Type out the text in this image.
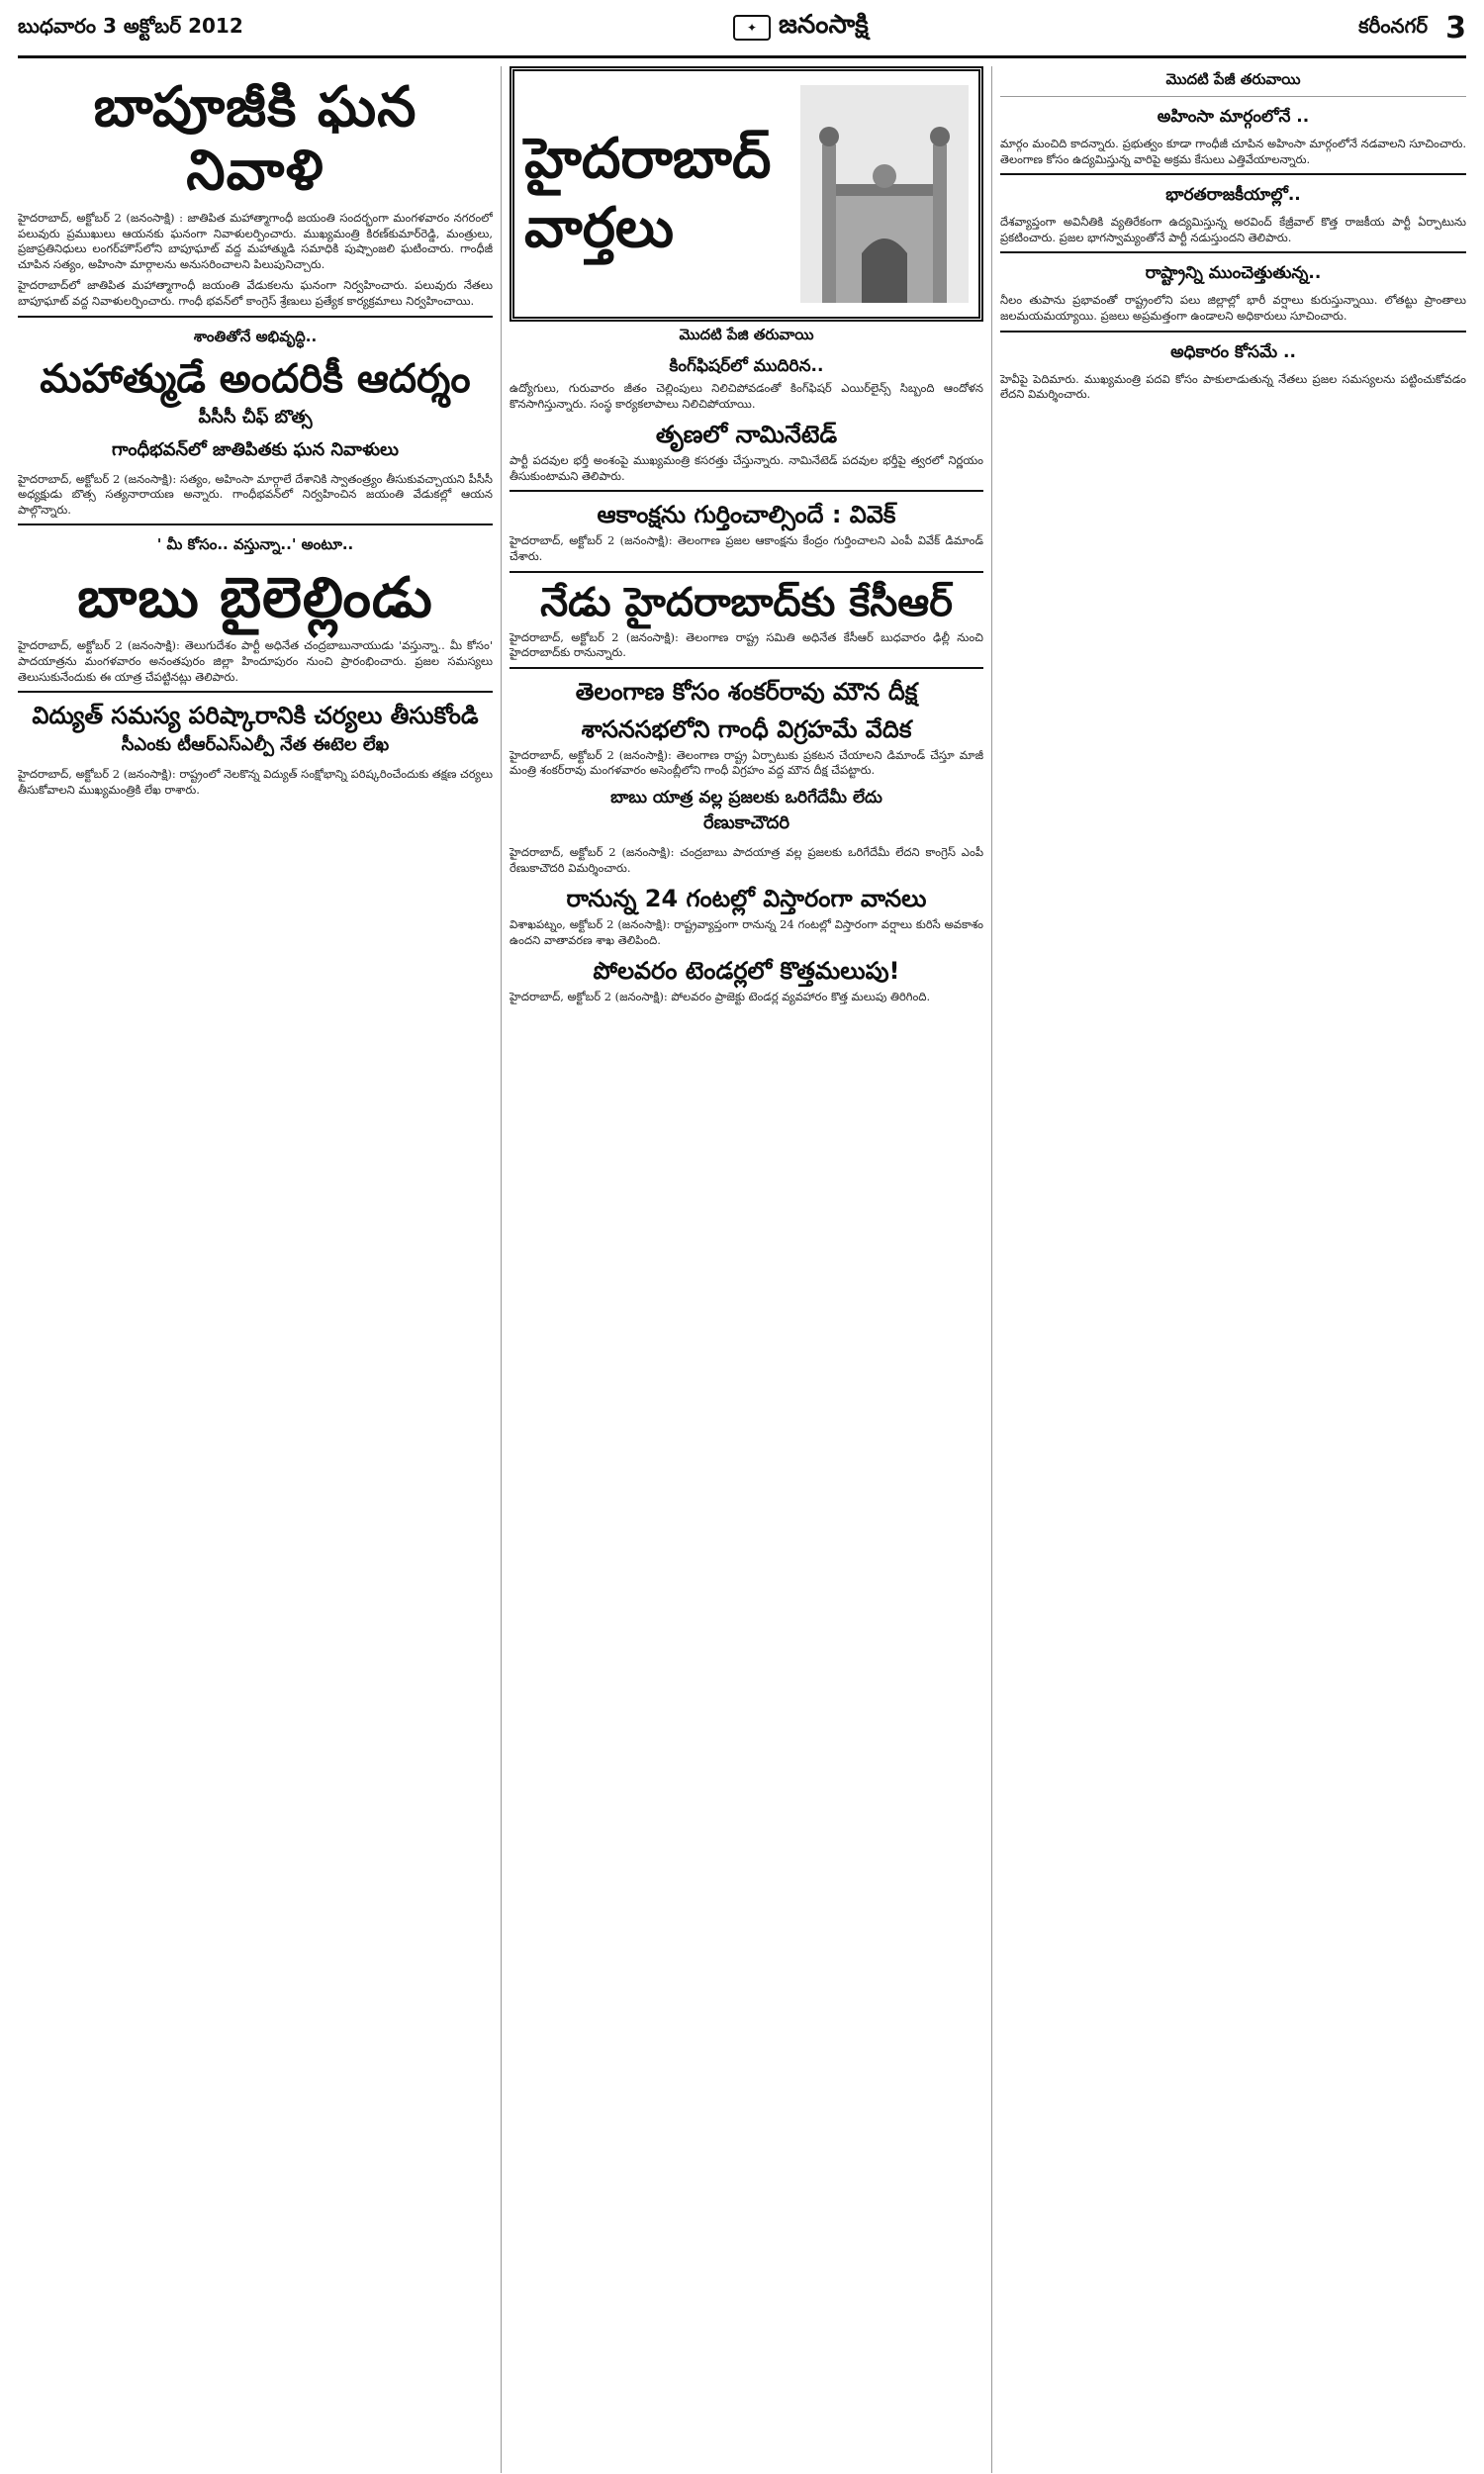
బుధవారం 3 అక్టోబర్ 2012	✦ జనంసాక్షి	కరీంనగర్ 3
బాపూజీకి ఘన నివాళి

హైదరాబాద్, అక్టోబర్ 2 (జనంసాక్షి) : జాతిపిత మహాత్మాగాంధీ జయంతి సందర్భంగా మంగళవారం నగరంలో పలువురు ప్రముఖులు ఆయనకు ఘనంగా నివాళులర్పించారు. ముఖ్యమంత్రి కిరణ్‌కుమార్‌రెడ్డి, మంత్రులు, ప్రజాప్రతినిధులు లంగర్‌హౌస్‌లోని బాపూఘాట్‌ వద్ద మహాత్ముడి సమాధికి పుష్పాంజలి ఘటించారు. గాంధీజీ చూపిన సత్యం, అహింసా మార్గాలను అనుసరించాలని పిలుపునిచ్చారు.

హైదరాబాద్‌లో జాతిపిత మహాత్మాగాంధీ జయంతి వేడుకలను ఘనంగా నిర్వహించారు. పలువురు నేతలు బాపూఘాట్‌ వద్ద నివాళులర్పించారు. గాంధీ భవన్‌లో కాంగ్రెస్‌ శ్రేణులు ప్రత్యేక కార్యక్రమాలు నిర్వహించాయి.

శాంతితోనే అభివృద్ధి..
మహాత్ముడే అందరికీ ఆదర్శం
పీసీసీ చీఫ్‌ బొత్స
గాంధీభవన్‌లో జాతిపితకు ఘన నివాళులు

హైదరాబాద్, అక్టోబర్ 2 (జనంసాక్షి): సత్యం, అహింసా మార్గాలే దేశానికి స్వాతంత్ర్యం తీసుకువచ్చాయని పీసీసీ అధ్యక్షుడు బొత్స సత్యనారాయణ అన్నారు. గాంధీభవన్‌లో నిర్వహించిన జయంతి వేడుకల్లో ఆయన పాల్గొన్నారు.

' మీ కోసం.. వస్తున్నా..' అంటూ..
బాబు బైలెల్లిండు

హైదరాబాద్, అక్టోబర్ 2 (జనంసాక్షి): తెలుగుదేశం పార్టీ అధినేత చంద్రబాబునాయుడు 'వస్తున్నా.. మీ కోసం' పాదయాత్రను మంగళవారం అనంతపురం జిల్లా హిందూపురం నుంచి ప్రారంభించారు. ప్రజల సమస్యలు తెలుసుకునేందుకు ఈ యాత్ర చేపట్టినట్లు తెలిపారు.

విద్యుత్‌ సమస్య పరిష్కారానికి చర్యలు తీసుకోండి
సీఎంకు టీఆర్‌ఎస్‌ఎల్పీ నేత ఈటెల లేఖ

హైదరాబాద్, అక్టోబర్ 2 (జనంసాక్షి): రాష్ట్రంలో నెలకొన్న విద్యుత్‌ సంక్షోభాన్ని పరిష్కరించేందుకు తక్షణ చర్యలు తీసుకోవాలని ముఖ్యమంత్రికి లేఖ రాశారు.

హైదరాబాద్
వార్తలు
మొదటి పేజి తరువాయి
కింగ్‌ఫిషర్‌లో ముదిరిన..

ఉద్యోగులు, గురువారం జీతం చెల్లింపులు నిలిచిపోవడంతో కింగ్‌ఫిషర్‌ ఎయిర్‌లైన్స్‌ సిబ్బంది ఆందోళన కొనసాగిస్తున్నారు. సంస్థ కార్యకలాపాలు నిలిచిపోయాయి.

తృణలో నామినేటెడ్‌

పార్టీ పదవుల భర్తీ అంశంపై ముఖ్యమంత్రి కసరత్తు చేస్తున్నారు. నామినేటెడ్‌ పదవుల భర్తీపై త్వరలో నిర్ణయం తీసుకుంటామని తెలిపారు.

ఆకాంక్షను గుర్తించాల్సిందే : వివెక్‌

హైదరాబాద్, అక్టోబర్ 2 (జనంసాక్షి): తెలంగాణ ప్రజల ఆకాంక్షను కేంద్రం గుర్తించాలని ఎంపీ వివేక్‌ డిమాండ్‌ చేశారు.

నేడు హైదరాబాద్‌కు కేసీఆర్‌

హైదరాబాద్, అక్టోబర్ 2 (జనంసాక్షి): తెలంగాణ రాష్ట్ర సమితి అధినేత కేసీఆర్‌ బుధవారం ఢిల్లీ నుంచి హైదరాబాద్‌కు రానున్నారు.

తెలంగాణ కోసం శంకర్‌రావు మౌన దీక్ష
శాసనసభలోని గాంధీ విగ్రహమే వేదిక

హైదరాబాద్, అక్టోబర్ 2 (జనంసాక్షి): తెలంగాణ రాష్ట్ర ఏర్పాటుకు ప్రకటన చేయాలని డిమాండ్‌ చేస్తూ మాజీ మంత్రి శంకర్‌రావు మంగళవారం అసెంబ్లీలోని గాంధీ విగ్రహం వద్ద మౌన దీక్ష చేపట్టారు.

బాబు యాత్ర వల్ల ప్రజలకు ఒరిగేదేమీ లేదు
రేణుకాచౌదరి

హైదరాబాద్, అక్టోబర్ 2 (జనంసాక్షి): చంద్రబాబు పాదయాత్ర వల్ల ప్రజలకు ఒరిగేదేమీ లేదని కాంగ్రెస్‌ ఎంపీ రేణుకాచౌదరి విమర్శించారు.

రానున్న 24 గంటల్లో విస్తారంగా వానలు

విశాఖపట్నం, అక్టోబర్ 2 (జనంసాక్షి): రాష్ట్రవ్యాప్తంగా రానున్న 24 గంటల్లో విస్తారంగా వర్షాలు కురిసే అవకాశం ఉందని వాతావరణ శాఖ తెలిపింది.

పోలవరం టెండర్లలో కొత్తమలుపు!

హైదరాబాద్, అక్టోబర్ 2 (జనంసాక్షి): పోలవరం ప్రాజెక్టు టెండర్ల వ్యవహారం కొత్త మలుపు తిరిగింది.

మొదటి పేజీ తరువాయి
అహింసా మార్గంలోనే ..

మార్గం మంచిది కాదన్నారు. ప్రభుత్వం కూడా గాంధీజీ చూపిన అహింసా మార్గంలోనే నడవాలని సూచించారు. తెలంగాణ కోసం ఉద్యమిస్తున్న వారిపై అక్రమ కేసులు ఎత్తివేయాలన్నారు.

భారతరాజకీయాల్లో..

దేశవ్యాప్తంగా అవినీతికి వ్యతిరేకంగా ఉద్యమిస్తున్న అరవింద్‌ కేజ్రీవాల్‌ కొత్త రాజకీయ పార్టీ ఏర్పాటును ప్రకటించారు. ప్రజల భాగస్వామ్యంతోనే పార్టీ నడుస్తుందని తెలిపారు.

రాష్ట్రాన్ని ముంచెత్తుతున్న..

నీలం తుపాను ప్రభావంతో రాష్ట్రంలోని పలు జిల్లాల్లో భారీ వర్షాలు కురుస్తున్నాయి. లోతట్టు ప్రాంతాలు జలమయమయ్యాయి. ప్రజలు అప్రమత్తంగా ఉండాలని అధికారులు సూచించారు.

అధికారం కోసమే ..

హెవీపై పెదిమారు. ముఖ్యమంత్రి పదవి కోసం పాకులాడుతున్న నేతలు ప్రజల సమస్యలను పట్టించుకోవడం లేదని విమర్శించారు.
